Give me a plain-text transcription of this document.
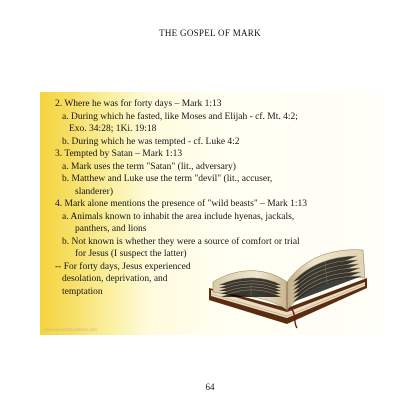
THE GOSPEL OF MARK
2. Where he was for forty days – Mark 1:13
a. During which he fasted, like Moses and Elijah - cf. Mt. 4:2;
Exo. 34:28; 1Ki. 19:18
b. During which he was tempted - cf. Luke 4:2
3. Tempted by Satan – Mark 1:13
a. Mark uses the term "Satan" (lit., adversary)
b. Matthew and Luke use the term "devil" (lit., accuser,
slanderer)
4. Mark alone mentions the presence of "wild beasts" – Mark 1:13
a. Animals known to inhabit the area include hyenas, jackals,
panthers, and lions
b. Not known is whether they were a source of comfort or trial
for Jesus (I suspect the latter)
-- For forty days, Jesus experienced
desolation, deprivation, and
temptation
www.executableoutlines.com
64
